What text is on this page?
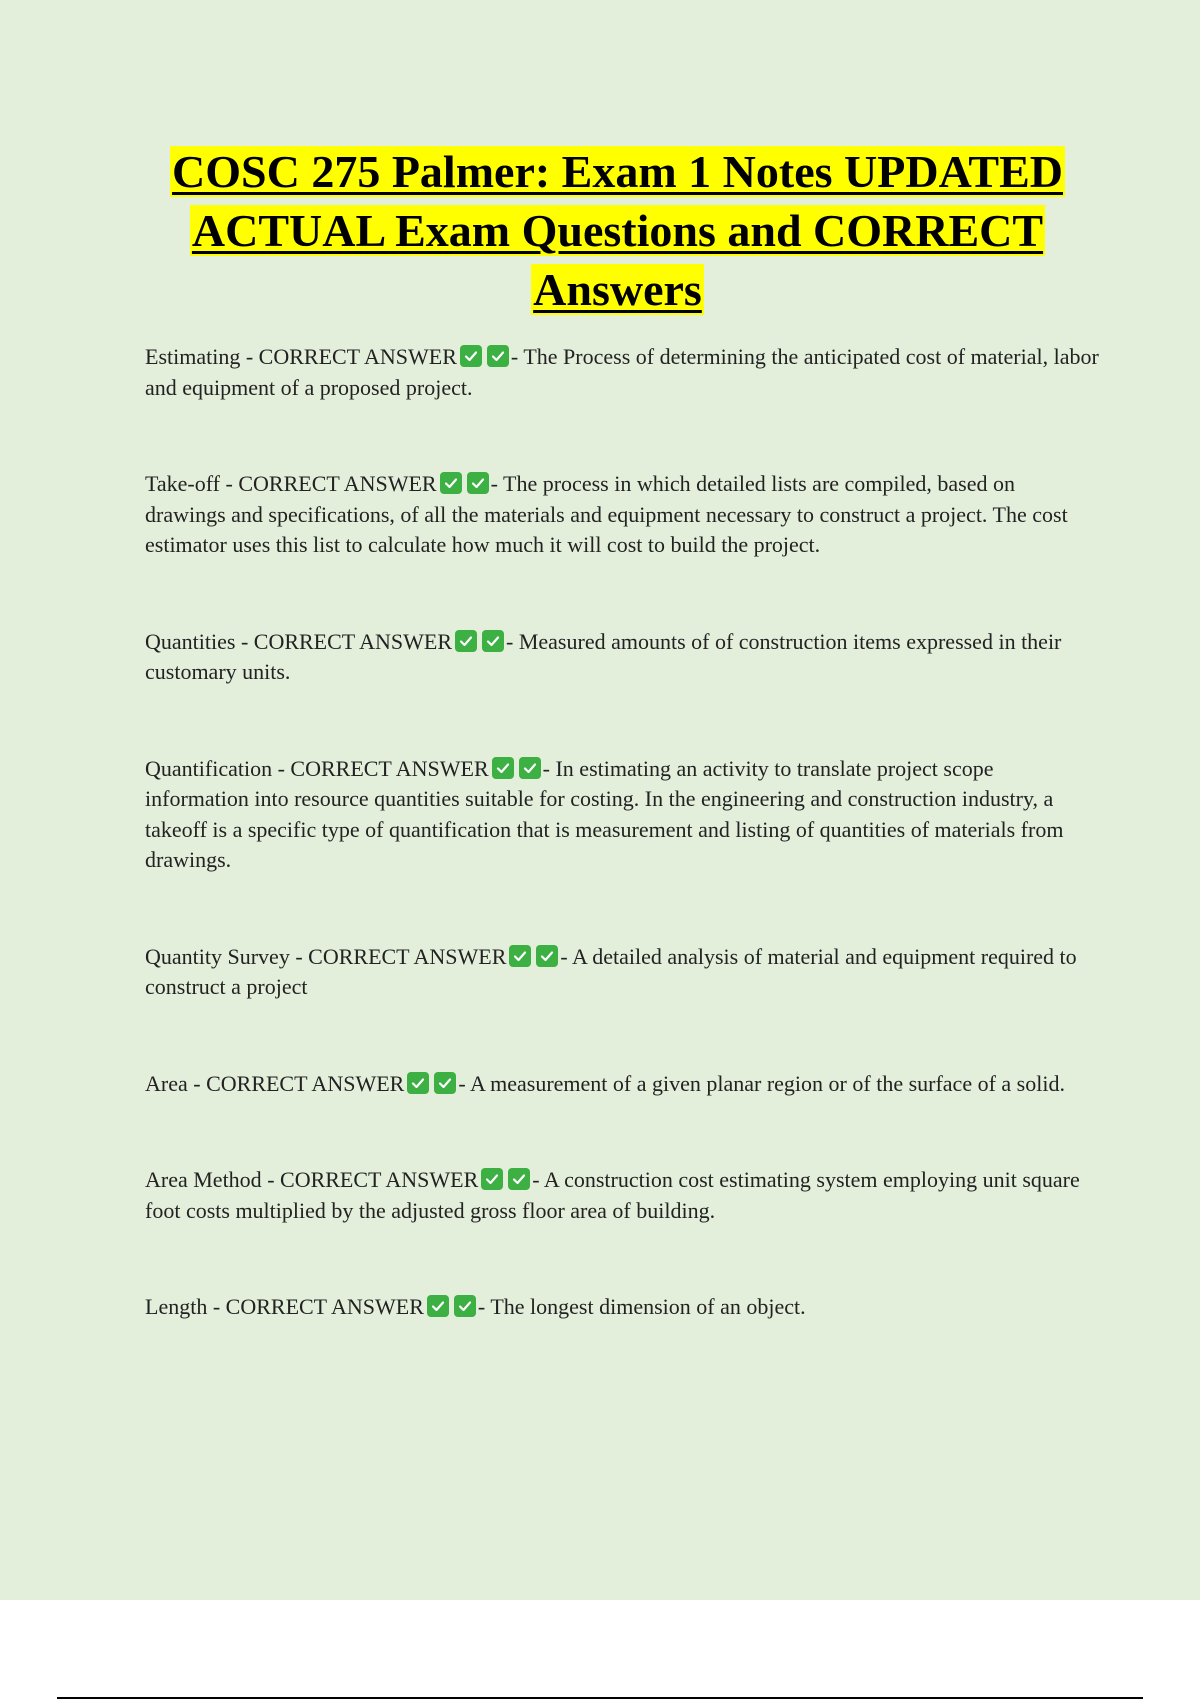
COSC 275 Palmer: Exam 1 Notes UPDATED
ACTUAL Exam Questions and CORRECT
Answers

Estimating - CORRECT ANSWER - The Process of determining the anticipated cost of material, labor and equipment of a proposed project.

Take-off - CORRECT ANSWER - The process in which detailed lists are compiled, based on drawings and specifications, of all the materials and equipment necessary to construct a project. The cost estimator uses this list to calculate how much it will cost to build the project.

Quantities - CORRECT ANSWER - Measured amounts of of construction items expressed in their customary units.

Quantification - CORRECT ANSWER - In estimating an activity to translate project scope information into resource quantities suitable for costing. In the engineering and construction industry, a takeoff is a specific type of quantification that is measurement and listing of quantities of materials from drawings.

Quantity Survey - CORRECT ANSWER - A detailed analysis of material and equipment required to construct a project

Area - CORRECT ANSWER - A measurement of a given planar region or of the surface of a solid.

Area Method - CORRECT ANSWER - A construction cost estimating system employing unit square foot costs multiplied by the adjusted gross floor area of building.

Length - CORRECT ANSWER - The longest dimension of an object.
